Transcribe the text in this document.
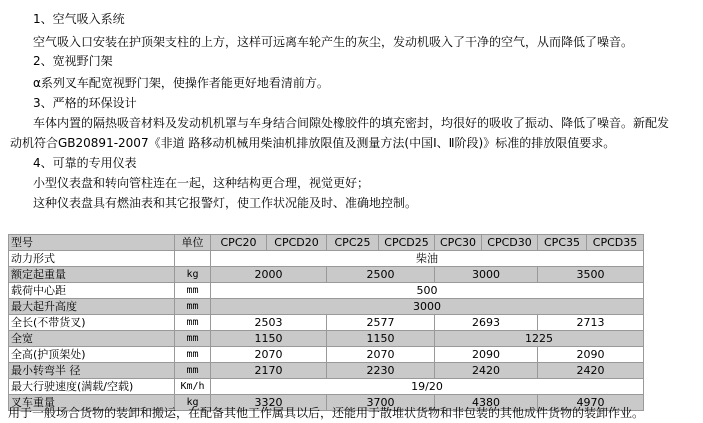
1、空气吸入系统
空气吸入口安装在护顶架支柱的上方，这样可远离车轮产生的灰尘，发动机吸入了干净的空气，从而降低了噪音。
2、宽视野门架
α系列叉车配宽视野门架，使操作者能更好地看清前方。
3、严格的环保设计
车体内置的隔热吸音材料及发动机机罩与车身结合间隙处橡胶件的填充密封，均很好的吸收了振动、降低了噪音。新配发
动机符合GB20891-2007《非道 路移动机械用柴油机排放限值及测量方法(中国Ⅰ、Ⅱ阶段)》标准的排放限值要求。
4、可靠的专用仪表
小型仪表盘和转向管柱连在一起，这种结构更合理，视觉更好；
这种仪表盘具有燃油表和其它报警灯，使工作状况能及时、准确地控制。
型号	单位	CPC20	CPCD20	CPC25	CPCD25	CPC30	CPCD30	CPC35	CPCD35
动力形式		柴油							
额定起重量	kg	2000		2500		3000		3500	
载荷中心距	mm	500							
最大起升高度	mm	3000							
全长(不带货叉)	mm	2503		2577		2693		2713	
全宽	mm	1150		1150		1225			
全高(护顶架处)	mm	2070		2070		2090		2090	
最小转弯半 径	mm	2170		2230		2420		2420	
最大行驶速度(满载/空载)	Km/h	19/20							
叉车重量	kg	3320		3700		4380		4970	
用于一般场合货物的装卸和搬运，在配备其他工作属具以后，还能用于散堆状货物和非包装的其他成件货物的装卸作业。
